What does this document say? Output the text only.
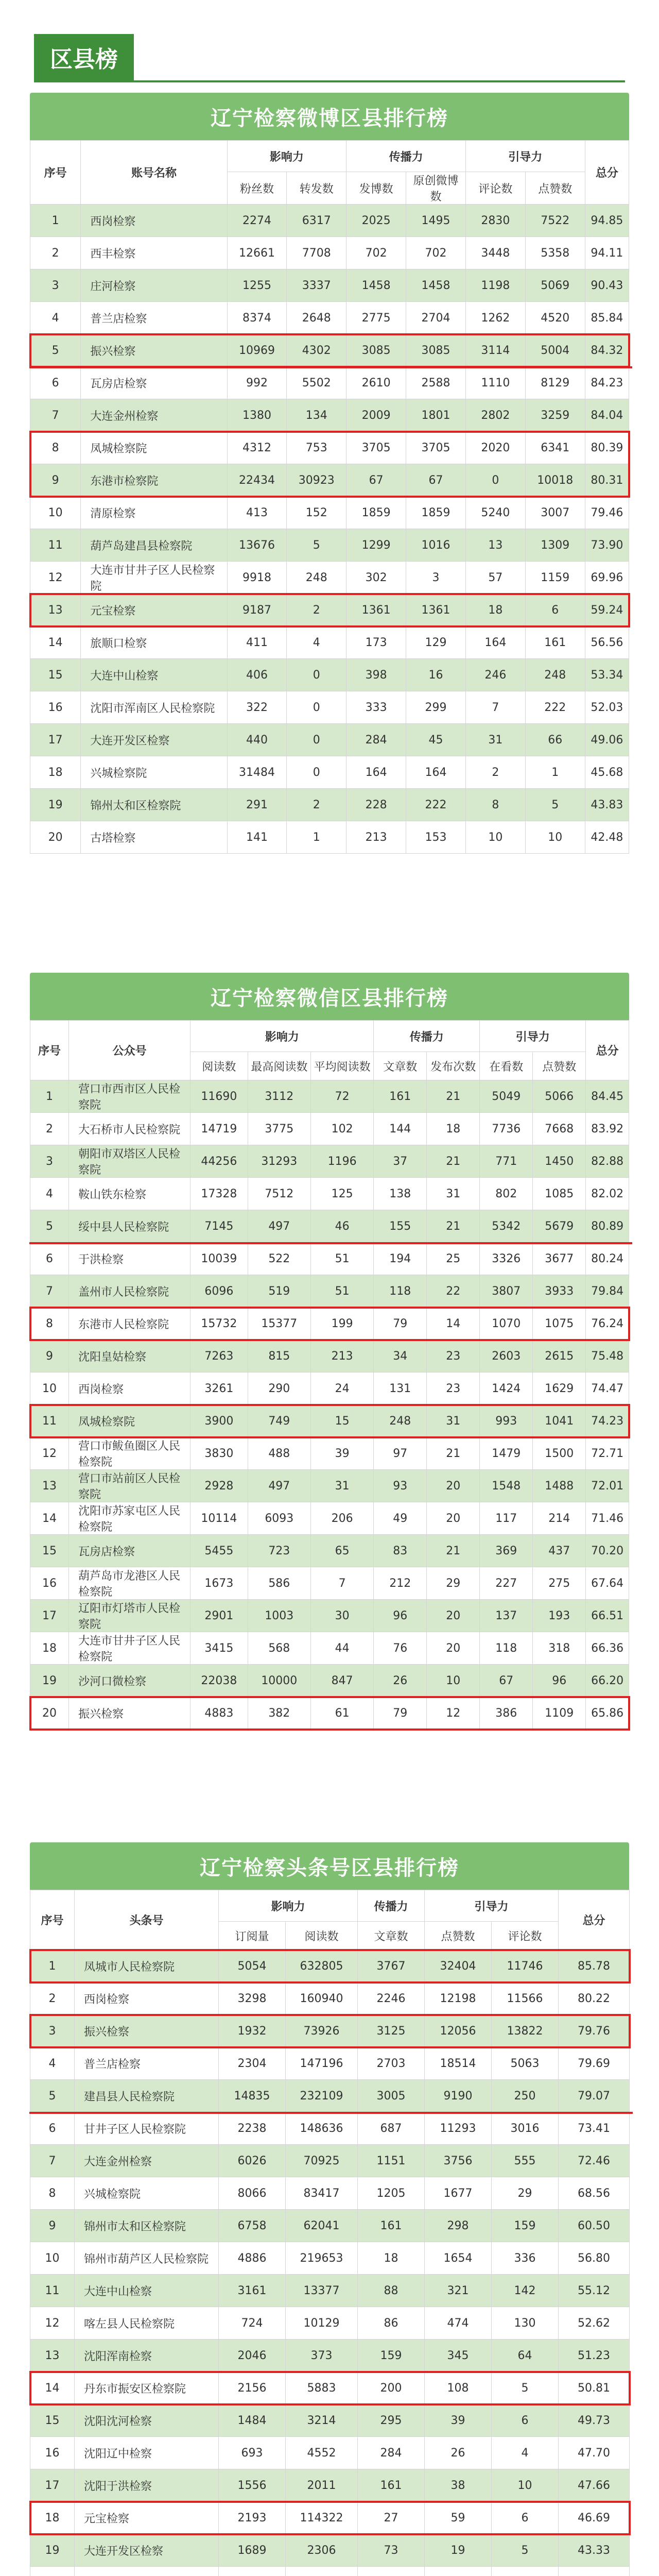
区县榜
辽宁检察微博区县排行榜
序号	账号名称	影响力		传播力		引导力		总分
		粉丝数	转发数	发博数	原创微博数	评论数	点赞数	
1	西岗检察	2274	6317	2025	1495	2830	7522	94.85
2	西丰检察	12661	7708	702	702	3448	5358	94.11
3	庄河检察	1255	3337	1458	1458	1198	5069	90.43
4	普兰店检察	8374	2648	2775	2704	1262	4520	85.84
5	振兴检察	10969	4302	3085	3085	3114	5004	84.32
6	瓦房店检察	992	5502	2610	2588	1110	8129	84.23
7	大连金州检察	1380	134	2009	1801	2802	3259	84.04
8	凤城检察院	4312	753	3705	3705	2020	6341	80.39
9	东港市检察院	22434	30923	67	67	0	10018	80.31
10	清原检察	413	152	1859	1859	5240	3007	79.46
11	葫芦岛建昌县检察院	13676	5	1299	1016	13	1309	73.90
12	大连市甘井子区人民检察院	9918	248	302	3	57	1159	69.96
13	元宝检察	9187	2	1361	1361	18	6	59.24
14	旅顺口检察	411	4	173	129	164	161	56.56
15	大连中山检察	406	0	398	16	246	248	53.34
16	沈阳市浑南区人民检察院	322	0	333	299	7	222	52.03
17	大连开发区检察	440	0	284	45	31	66	49.06
18	兴城检察院	31484	0	164	164	2	1	45.68
19	锦州太和区检察院	291	2	228	222	8	5	43.83
20	古塔检察	141	1	213	153	10	10	42.48
辽宁检察微信区县排行榜
序号	公众号	影响力			传播力		引导力		总分
		阅读数	最高阅读数	平均阅读数	文章数	发布次数	在看数	点赞数	
1	营口市西市区人民检察院	11690	3112	72	161	21	5049	5066	84.45
2	大石桥市人民检察院	14719	3775	102	144	18	7736	7668	83.92
3	朝阳市双塔区人民检察院	44256	31293	1196	37	21	771	1450	82.88
4	鞍山铁东检察	17328	7512	125	138	31	802	1085	82.02
5	绥中县人民检察院	7145	497	46	155	21	5342	5679	80.89
6	于洪检察	10039	522	51	194	25	3326	3677	80.24
7	盖州市人民检察院	6096	519	51	118	22	3807	3933	79.84
8	东港市人民检察院	15732	15377	199	79	14	1070	1075	76.24
9	沈阳皇姑检察	7263	815	213	34	23	2603	2615	75.48
10	西岗检察	3261	290	24	131	23	1424	1629	74.47
11	凤城检察院	3900	749	15	248	31	993	1041	74.23
12	营口市鲅鱼圈区人民检察院	3830	488	39	97	21	1479	1500	72.71
13	营口市站前区人民检察院	2928	497	31	93	20	1548	1488	72.01
14	沈阳市苏家屯区人民检察院	10114	6093	206	49	20	117	214	71.46
15	瓦房店检察	5455	723	65	83	21	369	437	70.20
16	葫芦岛市龙港区人民检察院	1673	586	7	212	29	227	275	67.64
17	辽阳市灯塔市人民检察院	2901	1003	30	96	20	137	193	66.51
18	大连市甘井子区人民检察院	3415	568	44	76	20	118	318	66.36
19	沙河口微检察	22038	10000	847	26	10	67	96	66.20
20	振兴检察	4883	382	61	79	12	386	1109	65.86
辽宁检察头条号区县排行榜
序号	头条号	影响力		传播力	引导力		总分
		订阅量	阅读数	文章数	点赞数	评论数	
1	凤城市人民检察院	5054	632805	3767	32404	11746	85.78
2	西岗检察	3298	160940	2246	12198	11566	80.22
3	振兴检察	1932	73926	3125	12056	13822	79.76
4	普兰店检察	2304	147196	2703	18514	5063	79.69
5	建昌县人民检察院	14835	232109	3005	9190	250	79.07
6	甘井子区人民检察院	2238	148636	687	11293	3016	73.41
7	大连金州检察	6026	70925	1151	3756	555	72.46
8	兴城检察院	8066	83417	1205	1677	29	68.56
9	锦州市太和区检察院	6758	62041	161	298	159	60.50
10	锦州市葫芦区人民检察院	4886	219653	18	1654	336	56.80
11	大连中山检察	3161	13377	88	321	142	55.12
12	喀左县人民检察院	724	10129	86	474	130	52.62
13	沈阳浑南检察	2046	373	159	345	64	51.23
14	丹东市振安区检察院	2156	5883	200	108	5	50.81
15	沈阳沈河检察	1484	3214	295	39	6	49.73
16	沈阳辽中检察	693	4552	284	26	4	47.70
17	沈阳于洪检察	1556	2011	161	38	10	47.66
18	元宝检察	2193	114322	27	59	6	46.69
19	大连开发区检察	1689	2306	73	19	5	43.33
